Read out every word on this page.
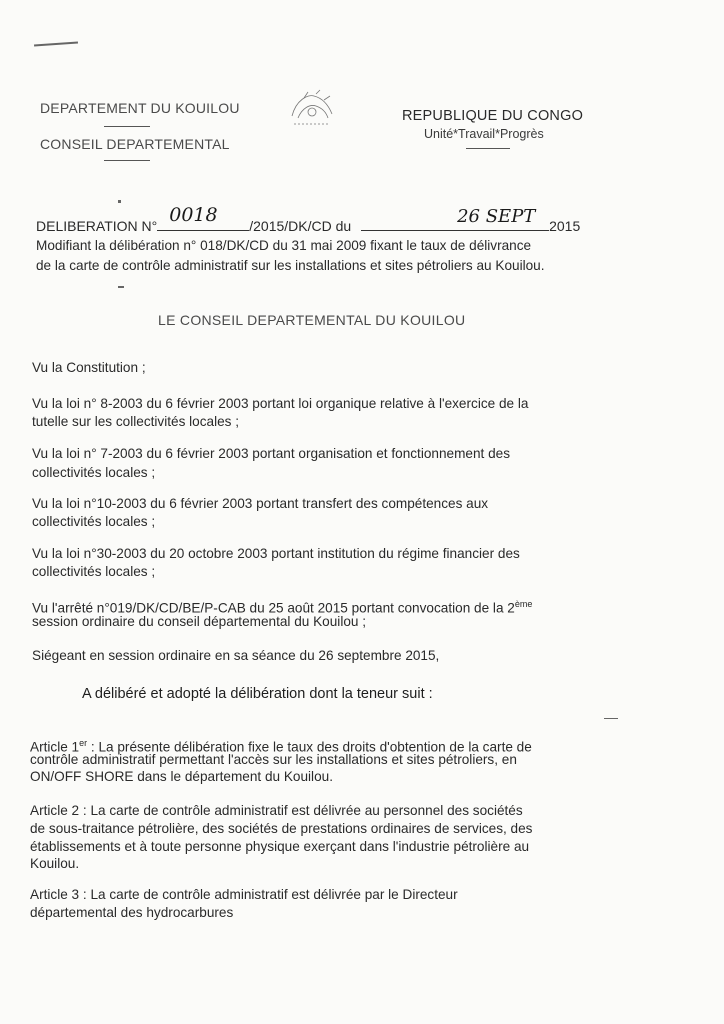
DEPARTEMENT DU KOUILOU
CONSEIL DEPARTEMENTAL
REPUBLIQUE DU CONGO
Unité*Travail*Progrès
DELIBERATION N° 0018 /2015/DK/CD du	26 SEPT 2015
Modifiant la délibération n° 018/DK/CD du 31 mai 2009 fixant le taux de délivrance
de la carte de contrôle administratif sur les installations et sites pétroliers au Kouilou.
LE CONSEIL DEPARTEMENTAL DU KOUILOU
Vu la Constitution ;
Vu la loi n° 8-2003 du 6 février 2003 portant loi organique relative à l'exercice de la
tutelle sur les collectivités locales ;
Vu la loi n° 7-2003 du 6 février 2003 portant organisation et fonctionnement des
collectivités locales ;
Vu la loi n°10-2003 du 6 février 2003 portant transfert des compétences aux
collectivités locales ;
Vu la loi n°30-2003 du 20 octobre 2003 portant institution du régime financier des
collectivités locales ;
Vu l'arrêté n°019/DK/CD/BE/P-CAB du 25 août 2015 portant convocation de la 2ème
session ordinaire du conseil départemental du Kouilou ;
Siégeant en session ordinaire en sa séance du 26 septembre 2015,
A délibéré et adopté la délibération dont la teneur suit :
Article 1er : La présente délibération fixe le taux des droits d'obtention de la carte de
contrôle administratif permettant l'accès sur les installations et sites pétroliers, en
ON/OFF SHORE dans le département du Kouilou.
Article 2 : La carte de contrôle administratif est délivrée au personnel des sociétés
de sous-traitance pétrolière, des sociétés de prestations ordinaires de services, des
établissements et à toute personne physique exerçant dans l'industrie pétrolière au
Kouilou.
Article 3 : La carte de contrôle administratif est délivrée par le Directeur
départemental des hydrocarbures
